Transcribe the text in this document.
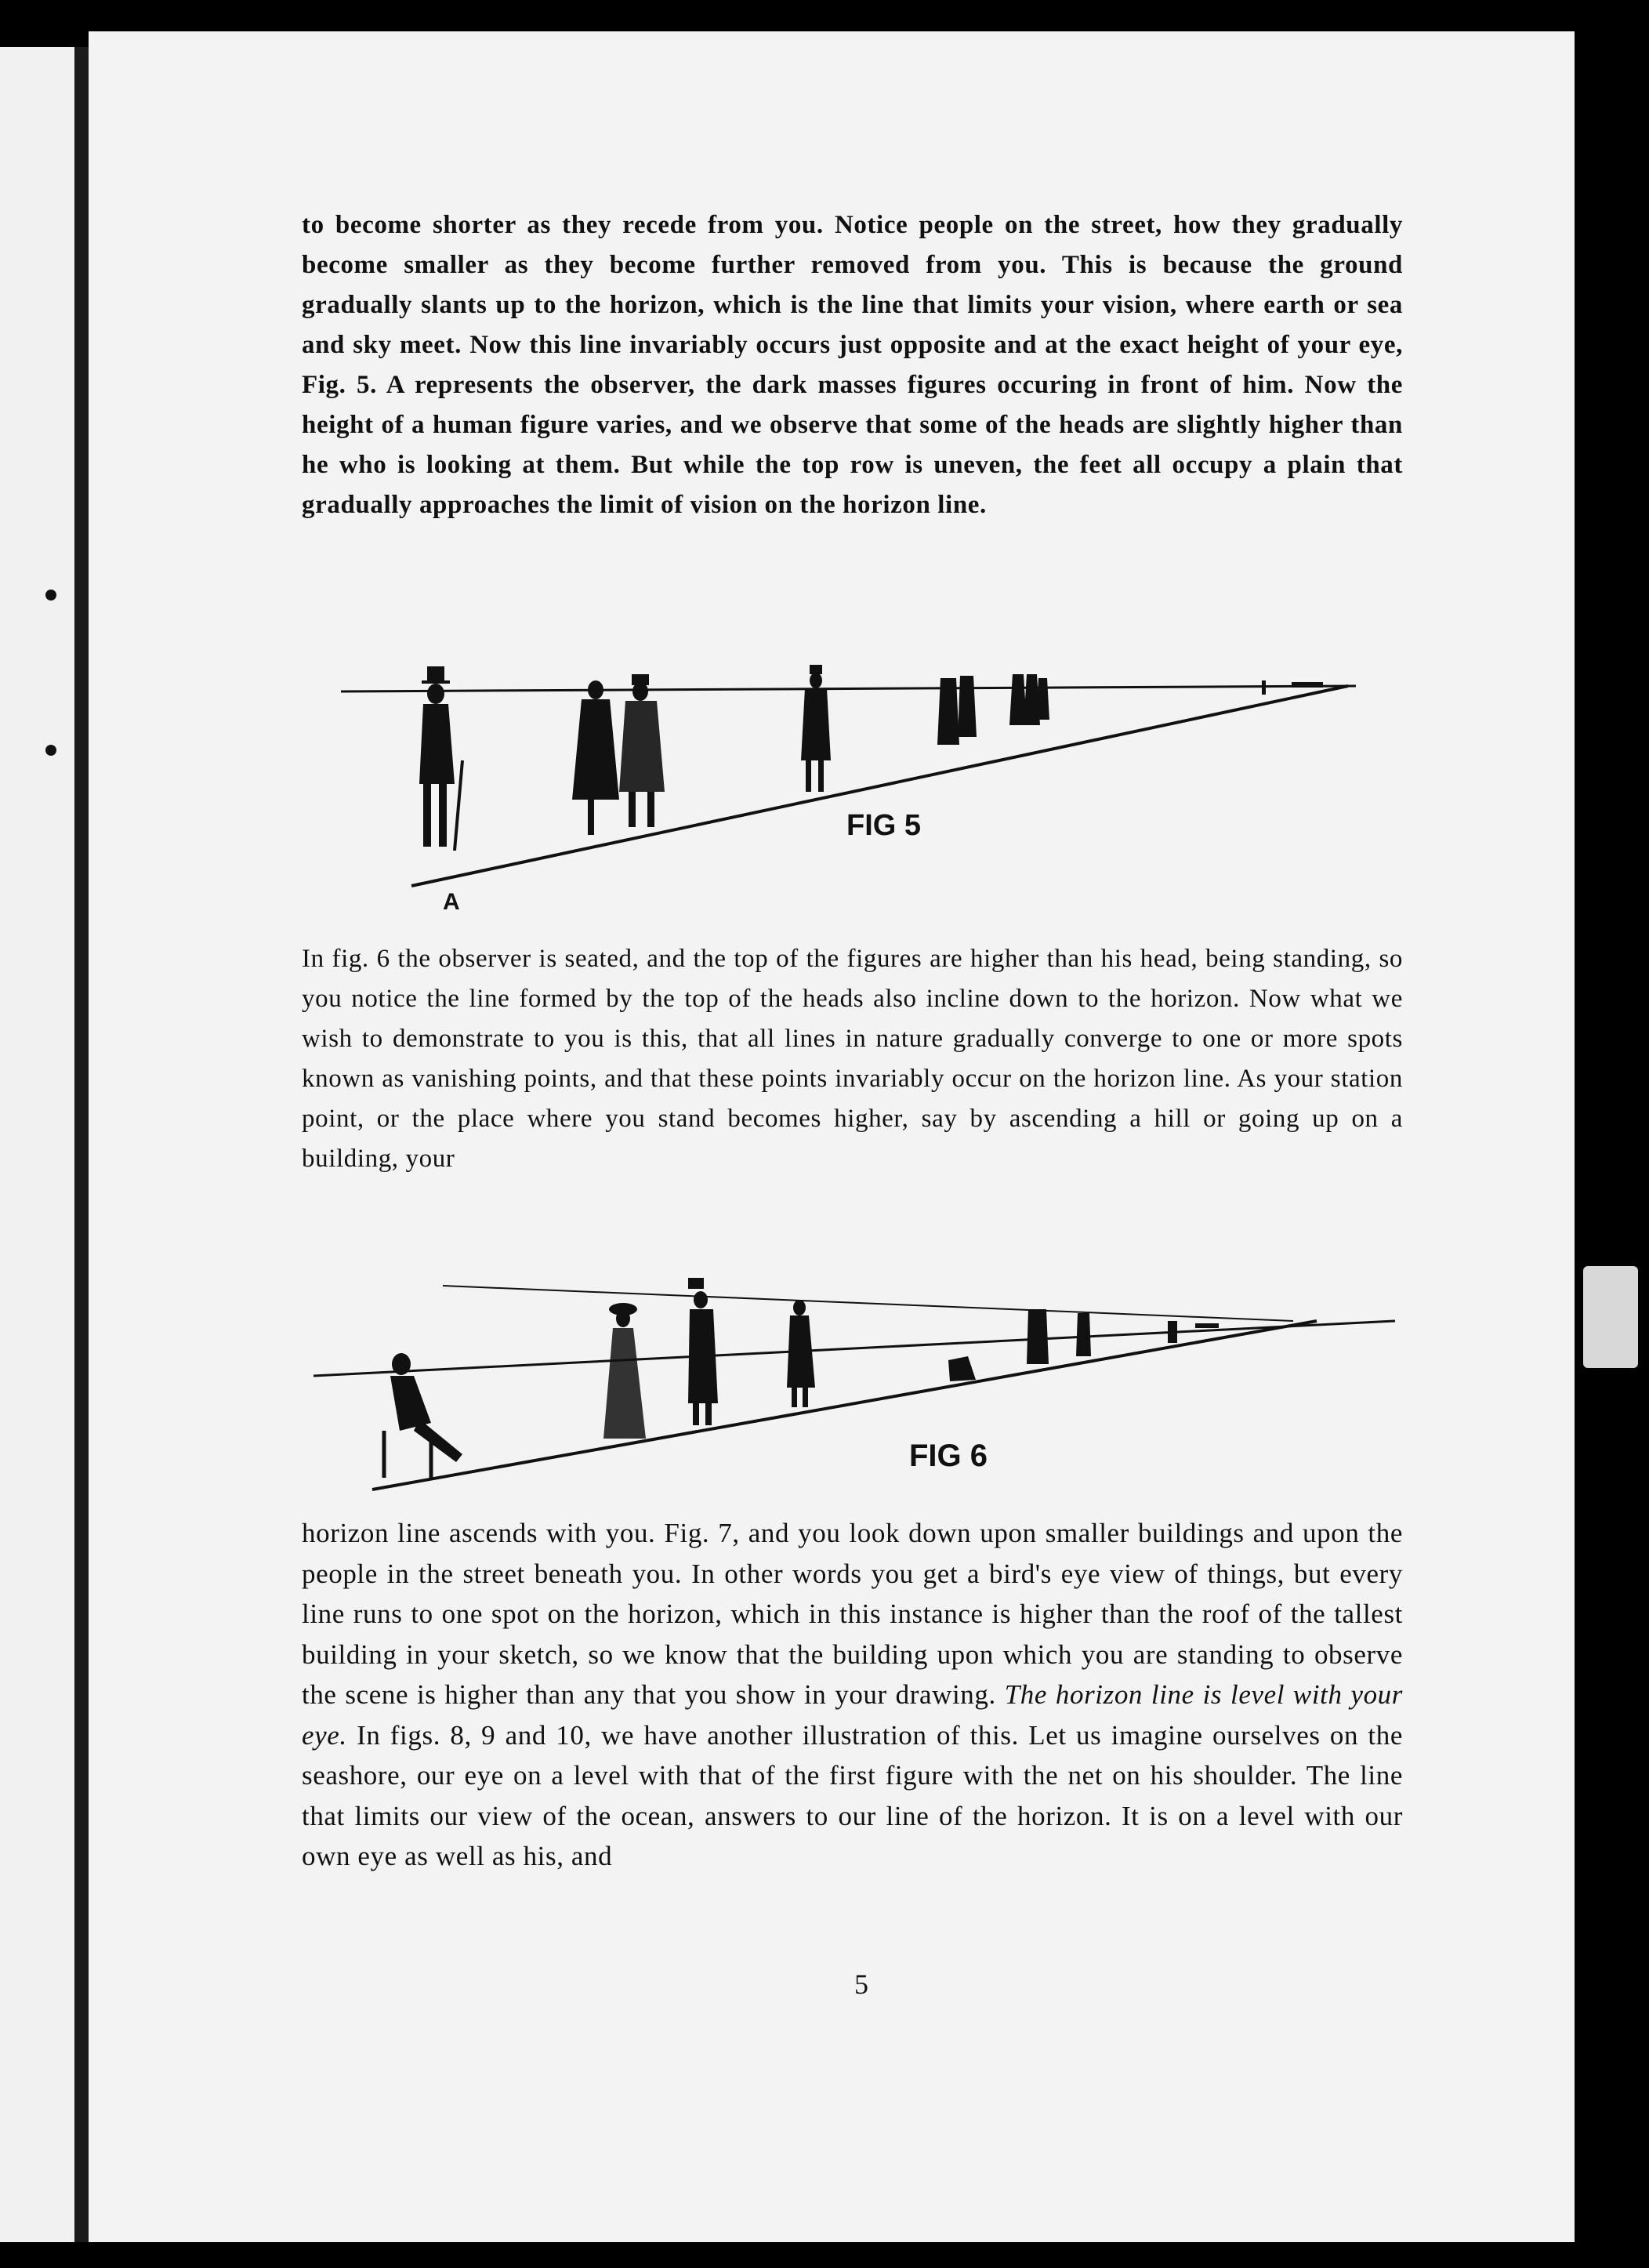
to become shorter as they recede from you. Notice people on the street, how they gradually become smaller as they become further removed from you. This is because the ground gradually slants up to the horizon, which is the line that limits your vision, where earth or sea and sky meet. Now this line invariably occurs just opposite and at the exact height of your eye, Fig. 5. A represents the observer, the dark masses figures occuring in front of him. Now the height of a human figure varies, and we observe that some of the heads are slightly higher than he who is looking at them. But while the top row is uneven, the feet all occupy a plain that gradually approaches the limit of vision on the horizon line.

FIG 5
A

In fig. 6 the observer is seated, and the top of the figures are higher than his head, being standing, so you notice the line formed by the top of the heads also incline down to the horizon. Now what we wish to demonstrate to you is this, that all lines in nature gradually converge to one or more spots known as vanishing points, and that these points invariably occur on the horizon line. As your station point, or the place where you stand becomes higher, say by ascending a hill or going up on a building, your

FIG 6

horizon line ascends with you. Fig. 7, and you look down upon smaller buildings and upon the people in the street beneath you. In other words you get a bird's eye view of things, but every line runs to one spot on the horizon, which in this instance is higher than the roof of the tallest building in your sketch, so we know that the building upon which you are standing to observe the scene is higher than any that you show in your drawing. The horizon line is level with your eye. In figs. 8, 9 and 10, we have another illustration of this. Let us imagine ourselves on the seashore, our eye on a level with that of the first figure with the net on his shoulder. The line that limits our view of the ocean, answers to our line of the horizon. It is on a level with our own eye as well as his, and

5
